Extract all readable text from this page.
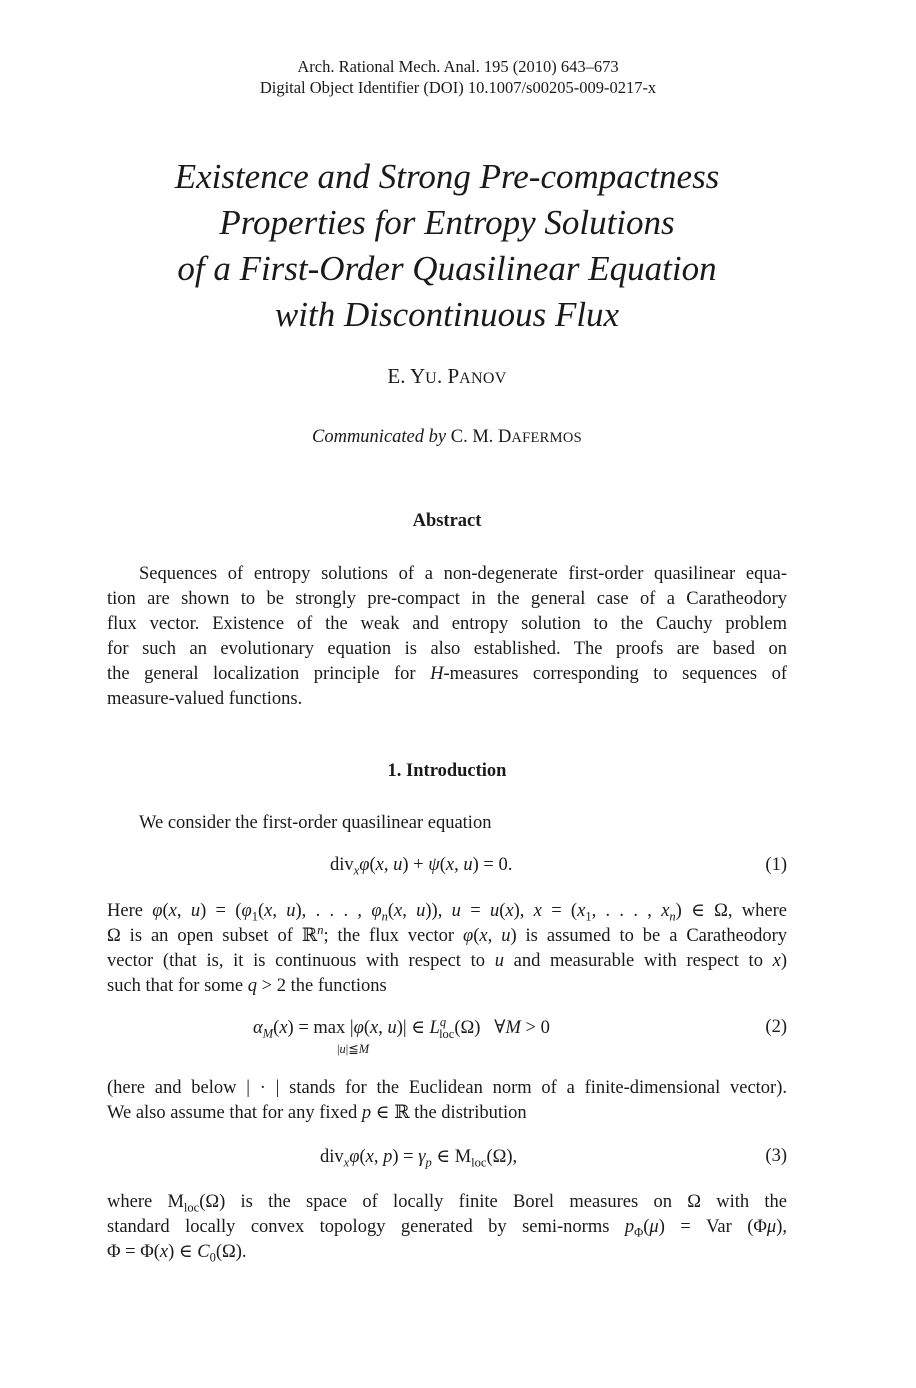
Arch. Rational Mech. Anal. 195 (2010) 643–673
Digital Object Identifier (DOI) 10.1007/s00205-009-0217-x
Existence and Strong Pre-compactness
Properties for Entropy Solutions
of a First-Order Quasilinear Equation
with Discontinuous Flux
E. YU. PANOV
Communicated by C. M. DAFERMOS
Abstract
Sequences of entropy solutions of a non-degenerate first-order quasilinear equa-
tion are shown to be strongly pre-compact in the general case of a Caratheodory
flux vector. Existence of the weak and entropy solution to the Cauchy problem
for such an evolutionary equation is also established. The proofs are based on
the general localization principle for H-measures corresponding to sequences of
measure-valued functions.
1. Introduction
We consider the first-order quasilinear equation
div$_x$φ(x, u) + ψ(x, u) = 0.	(1)
Here φ(x, $u) = (\varphi_1(x$, u), . . . , $\varphi_n(x$, u)), u = u(x), $x = (x_1$, . . . , $x_n$) ∈ Ω, where
Ω is an open subset of ℝ$^n$; the flux vector φ(x, u) is assumed to be a Caratheodory
vector (that is, it is continuous with respect to u and measurable with respect to x)
such that for some q > 2 the functions
$\alpha_M(x) = \max |\varphi(x$, u)| ∈ $L^q_{loc}(\Omega)$   ∀M > 0
|u|≦M
(2)
(here and below | · | stands for the Euclidean norm of a finite-dimensional vector).
We also assume that for any fixed p ∈ ℝ the distribution
div$_x$φ(x, $p) = \gamma_p$ ∈ $M_{loc}(\Omega)$,	(3)
where $M_{loc}(\Omega)$ is the space of locally finite Borel measures on Ω with the
standard locally convex topology generated by semi-norms $p_\Phi(\mu)$ = Var (Φμ),
Φ = Φ(x) ∈ $C_0(\Omega)$.
